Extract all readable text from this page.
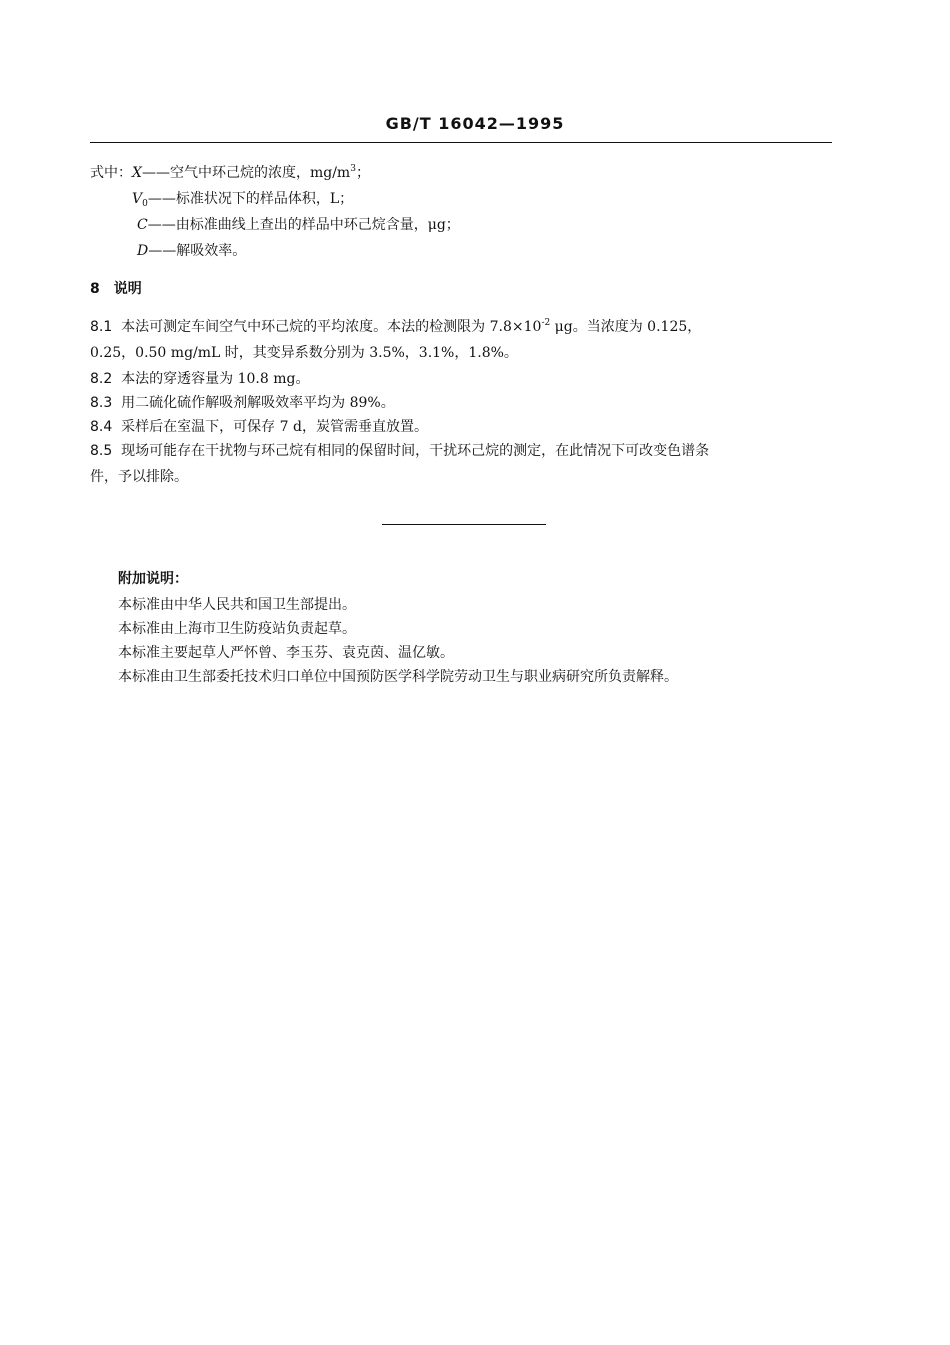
GB/T 16042—1995
式中：X——空气中环己烷的浓度，$mg/m^3$；
$V_0——$标准状况下的样品体积，L；
C——由标准曲线上查出的样品中环己烷含量，μg；
D——解吸效率。
8　说明
8.1 本法可测定车间空气中环己烷的平均浓度。本法的检测限为 $7.8\times 10^{-2}$ μg。当浓度为 0.125，
0.25，0.50 mg/mL 时，其变异系数分别为 3.5%，3.1%，1.8%。
8.2 本法的穿透容量为 10.8 mg。
8.3 用二硫化硫作解吸剂解吸效率平均为 89%。
8.4 采样后在室温下，可保存 7 d，炭管需垂直放置。
8.5 现场可能存在干扰物与环己烷有相同的保留时间，干扰环己烷的测定，在此情况下可改变色谱条
件，予以排除。
附加说明：
本标准由中华人民共和国卫生部提出。
本标准由上海市卫生防疫站负责起草。
本标准主要起草人严怀曾、李玉芬、袁克茵、温亿敏。
本标准由卫生部委托技术归口单位中国预防医学科学院劳动卫生与职业病研究所负责解释。
